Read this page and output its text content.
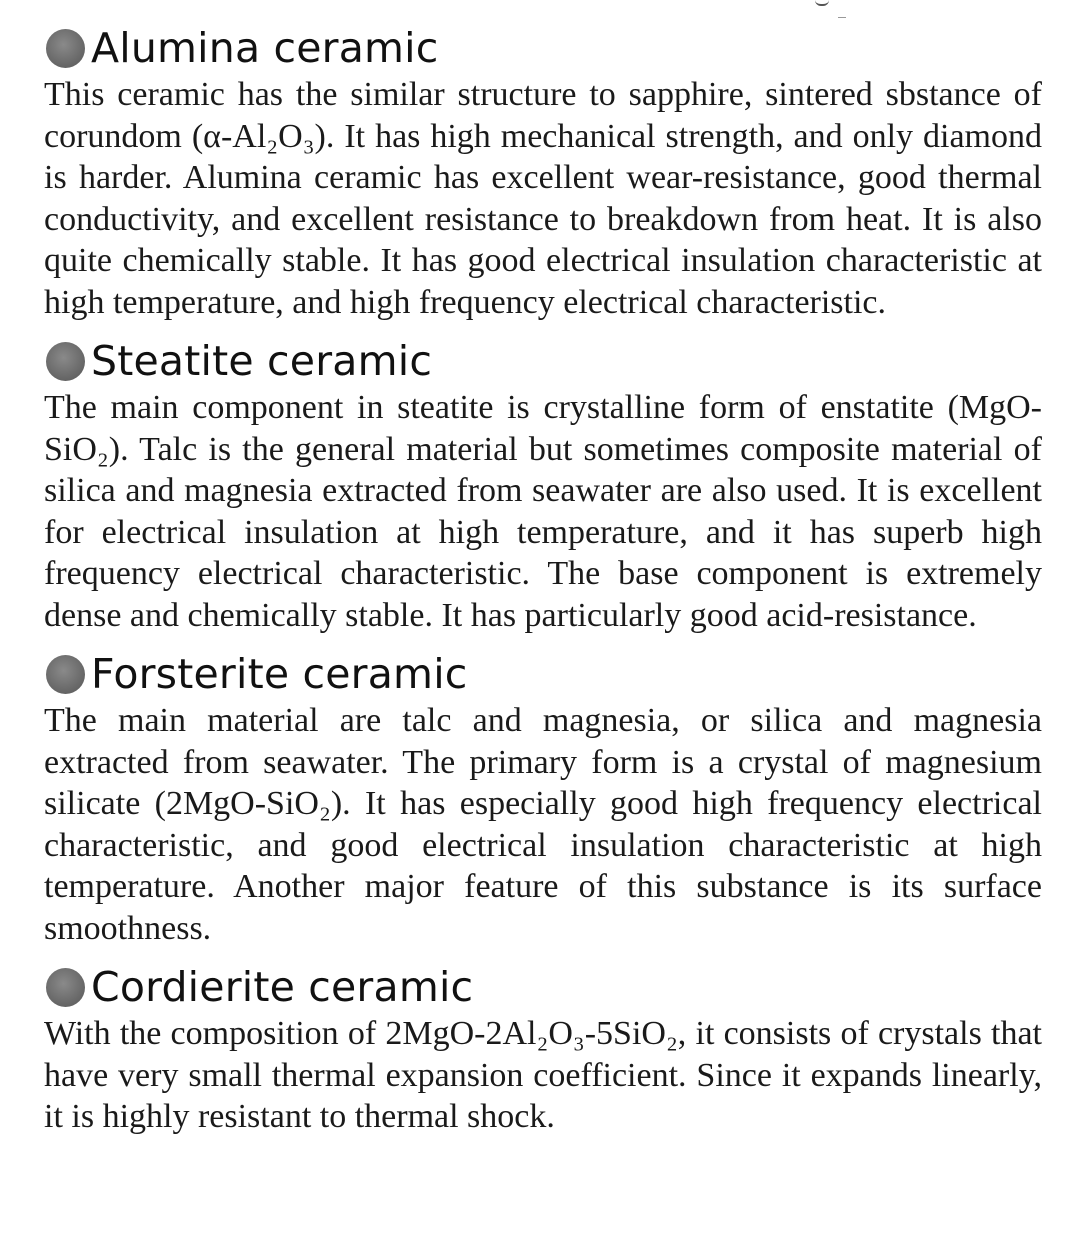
Alumina ceramic

This ceramic has the similar structure to sapphire, sintered sbstance of corundom (α-Al₂O₃). It has high mechanical strength, and only diamond is harder. Alumina ceramic has excellent wear-resistance, good thermal conductivity, and excellent resistance to breakdown from heat. It is also quite chemically stable. It has good electrical insulation characteristic at high temperature, and high frequency electrical characteristic.

Steatite ceramic

The main component in steatite is crystalline form of enstatite (MgO-SiO₂). Talc is the general material but sometimes composite material of silica and magnesia extracted from seawater are also used. It is excellent for electrical insulation at high temperature, and it has superb high frequency electrical characteristic. The base component is extremely dense and chemically stable. It has particularly good acid-resistance.

Forsterite ceramic

The main material are talc and magnesia, or silica and magnesia extracted from seawater. The primary form is a crystal of magnesium silicate (2MgO-SiO₂). It has especially good high frequency electrical characteristic, and good electrical insulation characteristic at high temperature. Another major feature of this substance is its surface smoothness.

Cordierite ceramic

With the composition of 2MgO-2Al₂O₃-5SiO₂, it consists of crystals that have very small thermal expansion coefficient. Since it expands linearly, it is highly resistant to thermal shock.
